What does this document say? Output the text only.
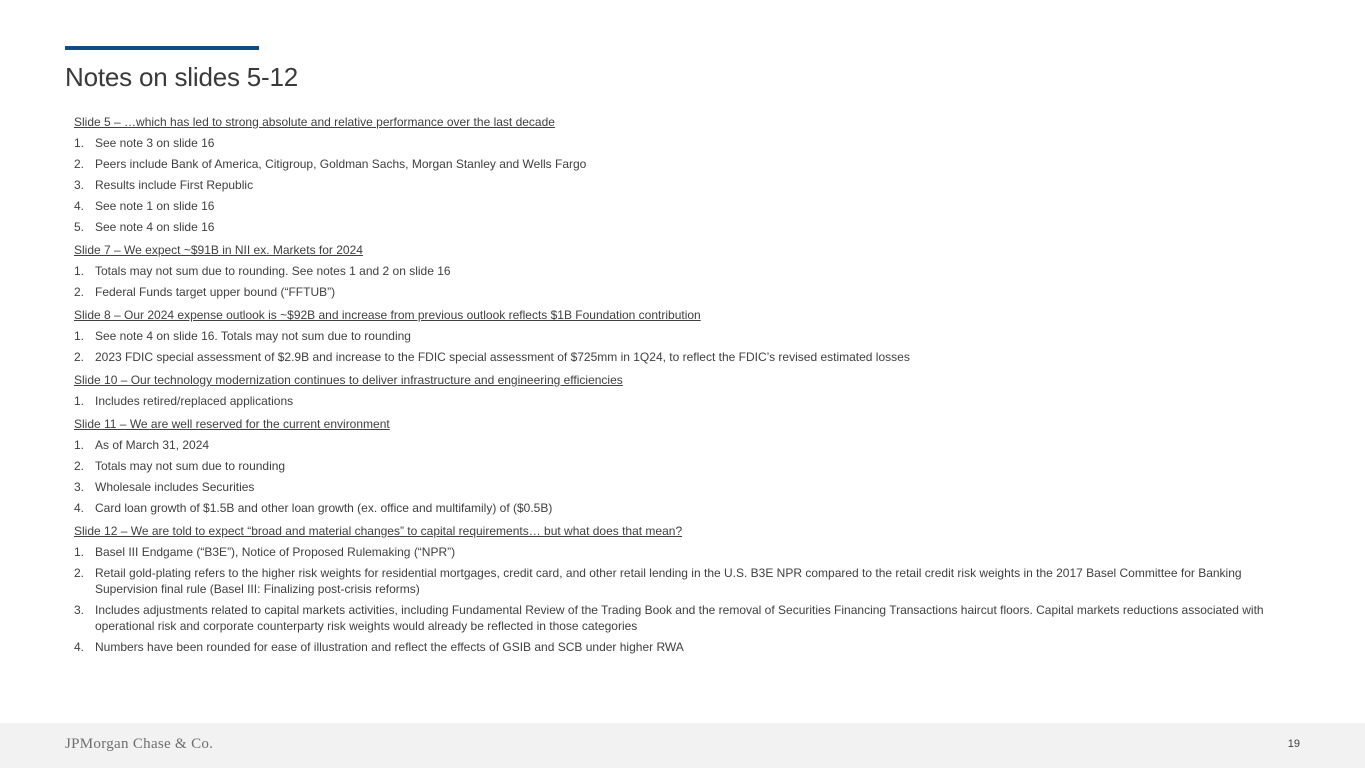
Notes on slides 5-12
Slide 5 – …which has led to strong absolute and relative performance over the last decade
1. See note 3 on slide 16
2. Peers include Bank of America, Citigroup, Goldman Sachs, Morgan Stanley and Wells Fargo
3. Results include First Republic
4. See note 1 on slide 16
5. See note 4 on slide 16
Slide 7 – We expect ~$91B in NII ex. Markets for 2024
1. Totals may not sum due to rounding. See notes 1 and 2 on slide 16
2. Federal Funds target upper bound (“FFTUB”)
Slide 8 – Our 2024 expense outlook is ~$92B and increase from previous outlook reflects $1B Foundation contribution
1. See note 4 on slide 16. Totals may not sum due to rounding
2. 2023 FDIC special assessment of $2.9B and increase to the FDIC special assessment of $725mm in 1Q24, to reflect the FDIC’s revised estimated losses
Slide 10 – Our technology modernization continues to deliver infrastructure and engineering efficiencies
1. Includes retired/replaced applications
Slide 11 – We are well reserved for the current environment
1. As of March 31, 2024
2. Totals may not sum due to rounding
3. Wholesale includes Securities
4. Card loan growth of $1.5B and other loan growth (ex. office and multifamily) of ($0.5B)
Slide 12 – We are told to expect “broad and material changes” to capital requirements… but what does that mean?
1. Basel III Endgame (“B3E”), Notice of Proposed Rulemaking (“NPR”)
2. Retail gold-plating refers to the higher risk weights for residential mortgages, credit card, and other retail lending in the U.S. B3E NPR compared to the retail credit risk weights in the 2017 Basel Committee for Banking Supervision final rule (Basel III: Finalizing post-crisis reforms)
3. Includes adjustments related to capital markets activities, including Fundamental Review of the Trading Book and the removal of Securities Financing Transactions haircut floors. Capital markets reductions associated with operational risk and corporate counterparty risk weights would already be reflected in those categories
4. Numbers have been rounded for ease of illustration and reflect the effects of GSIB and SCB under higher RWA
JPMorgan Chase & Co.	19
